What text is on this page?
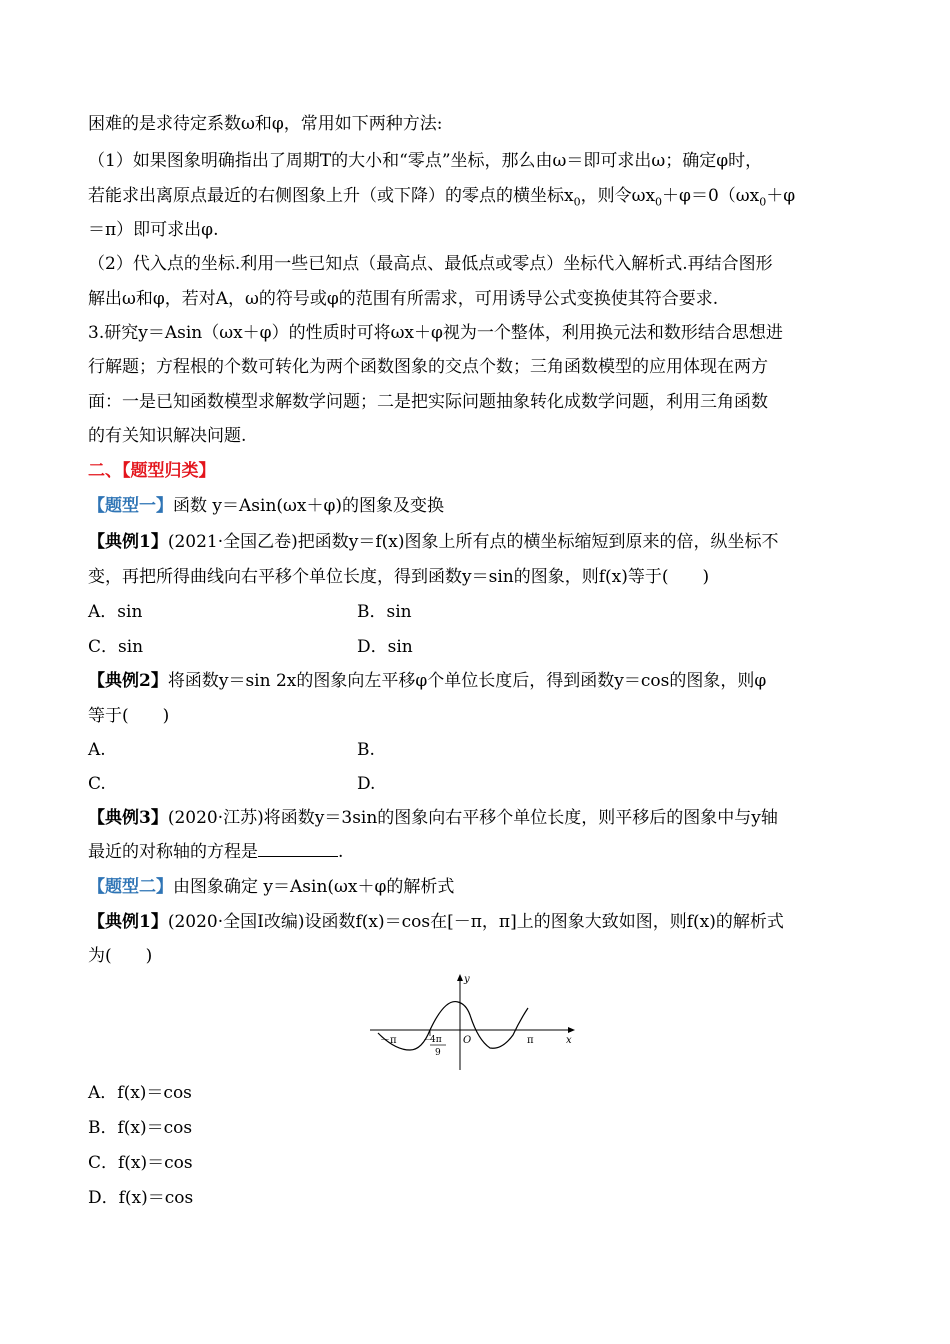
困难的是求待定系数ω和φ，常用如下两种方法:
（1）如果图象明确指出了周期T的大小和“零点”坐标，那么由ω＝即可求出ω；确定φ时，
若能求出离原点最近的右侧图象上升（或下降）的零点的横坐标$x_0$，则令$\omega x_0+\varphi=0(\omega x_0+\varphi$
＝π）即可求出φ.
（2）代入点的坐标.利用一些已知点（最高点、最低点或零点）坐标代入解析式.再结合图形
解出ω和φ，若对A，ω的符号或φ的范围有所需求，可用诱导公式变换使其符合要求.
3.研究y＝Asin（ωx＋φ）的性质时可将ωx＋φ视为一个整体，利用换元法和数形结合思想进
行解题；方程根的个数可转化为两个函数图象的交点个数；三角函数模型的应用体现在两方
面：一是已知函数模型求解数学问题；二是把实际问题抽象转化成数学问题，利用三角函数
的有关知识解决问题.
二、【题型归类】
【题型一】函数 y＝Asin(ωx＋φ)的图象及变换
【典例1】(2021·全国乙卷)把函数y＝f(x)图象上所有点的横坐标缩短到原来的倍，纵坐标不
变，再把所得曲线向右平移个单位长度，得到函数y＝sin的图象，则f(x)等于(　　)
A．sin	B．sin
C．sin	D．sin
【典例2】将函数y＝sin 2x的图象向左平移φ个单位长度后，得到函数y＝cos的图象，则φ
等于(　　)
A.	B.
C.	D.
【典例3】(2020·江苏)将函数y＝3sin的图象向右平移个单位长度，则平移后的图象中与y轴
最近的对称轴的方程是	.
【题型二】由图象确定 y＝Asin(ωx＋φ的解析式
【典例1】(2020·全国Ⅰ改编)设函数f(x)＝cos在[－π，π]上的图象大致如图，则f(x)的解析式
为(　　)
－π	－
4π
9
O	π	x
y
A．f(x)＝cos
B．f(x)＝cos
C．f(x)＝cos
D．f(x)＝cos
